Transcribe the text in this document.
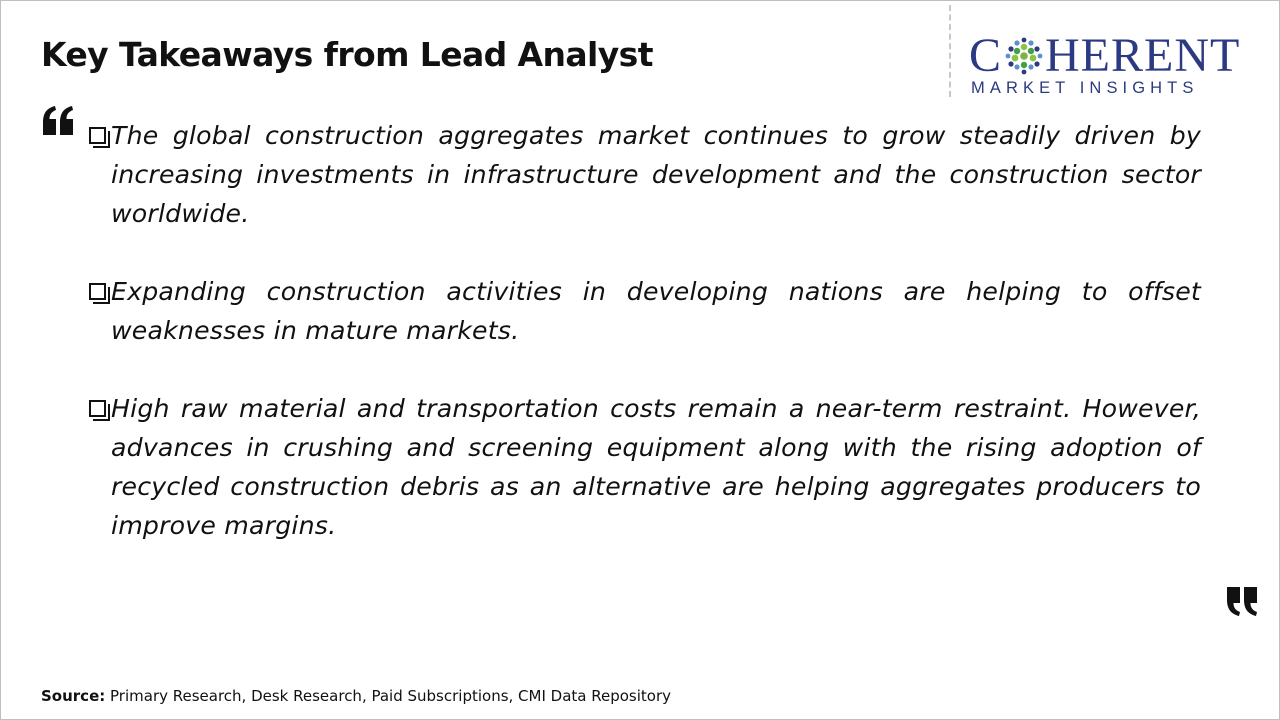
Key Takeaways from Lead Analyst	C HERENT
MARKET INSIGHTS
The global construction aggregates market continues to grow steadily driven by increasing investments in infrastructure development and the construction sector worldwide.
Expanding construction activities in developing nations are helping to offset weaknesses in mature markets.
High raw material and transportation costs remain a near-term restraint. However, advances in crushing and screening equipment along with the rising adoption of recycled construction debris as an alternative are helping aggregates producers to improve margins.
Source: Primary Research, Desk Research, Paid Subscriptions, CMI Data Repository
